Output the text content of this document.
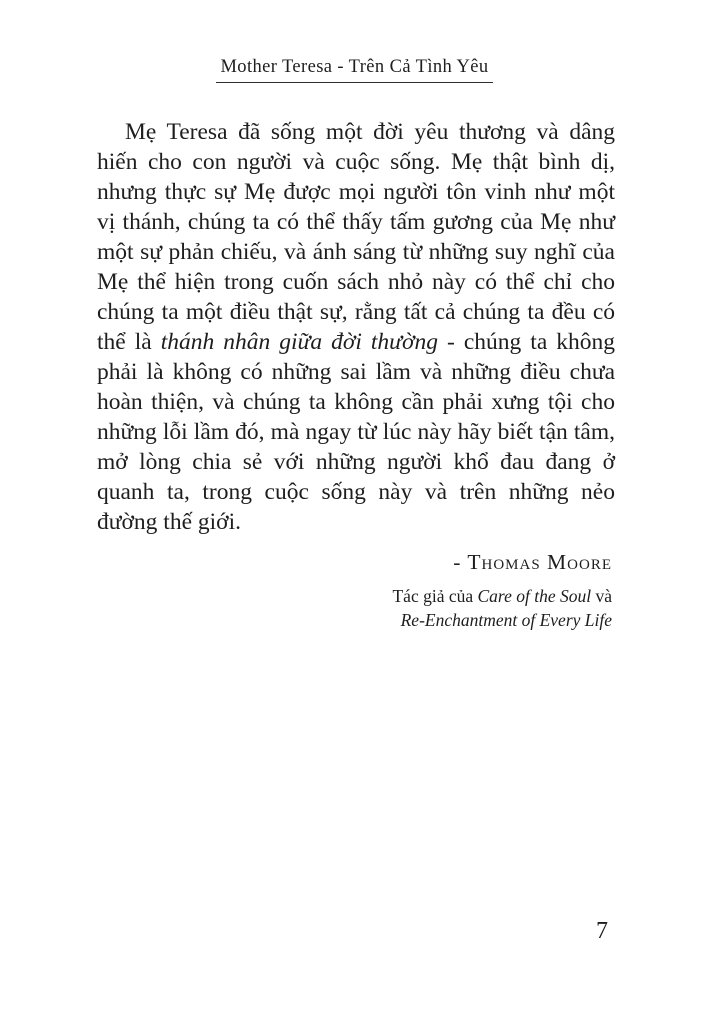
Mother Teresa - Trên Cả Tình Yêu

Mẹ Teresa đã sống một đời yêu thương và dâng hiến cho con người và cuộc sống. Mẹ thật bình dị, nhưng thực sự Mẹ được mọi người tôn vinh như một vị thánh, chúng ta có thể thấy tấm gương của Mẹ như một sự phản chiếu, và ánh sáng từ những suy nghĩ của Mẹ thể hiện trong cuốn sách nhỏ này có thể chỉ cho chúng ta một điều thật sự, rằng tất cả chúng ta đều có thể là thánh nhân giữa đời thường - chúng ta không phải là không có những sai lầm và những điều chưa hoàn thiện, và chúng ta không cần phải xưng tội cho những lỗi lầm đó, mà ngay từ lúc này hãy biết tận tâm, mở lòng chia sẻ với những người khổ đau đang ở quanh ta, trong cuộc sống này và trên những nẻo đường thế giới.

- Thomas Moore
Tác giả của Care of the Soul và
Re-Enchantment of Every Life
7
